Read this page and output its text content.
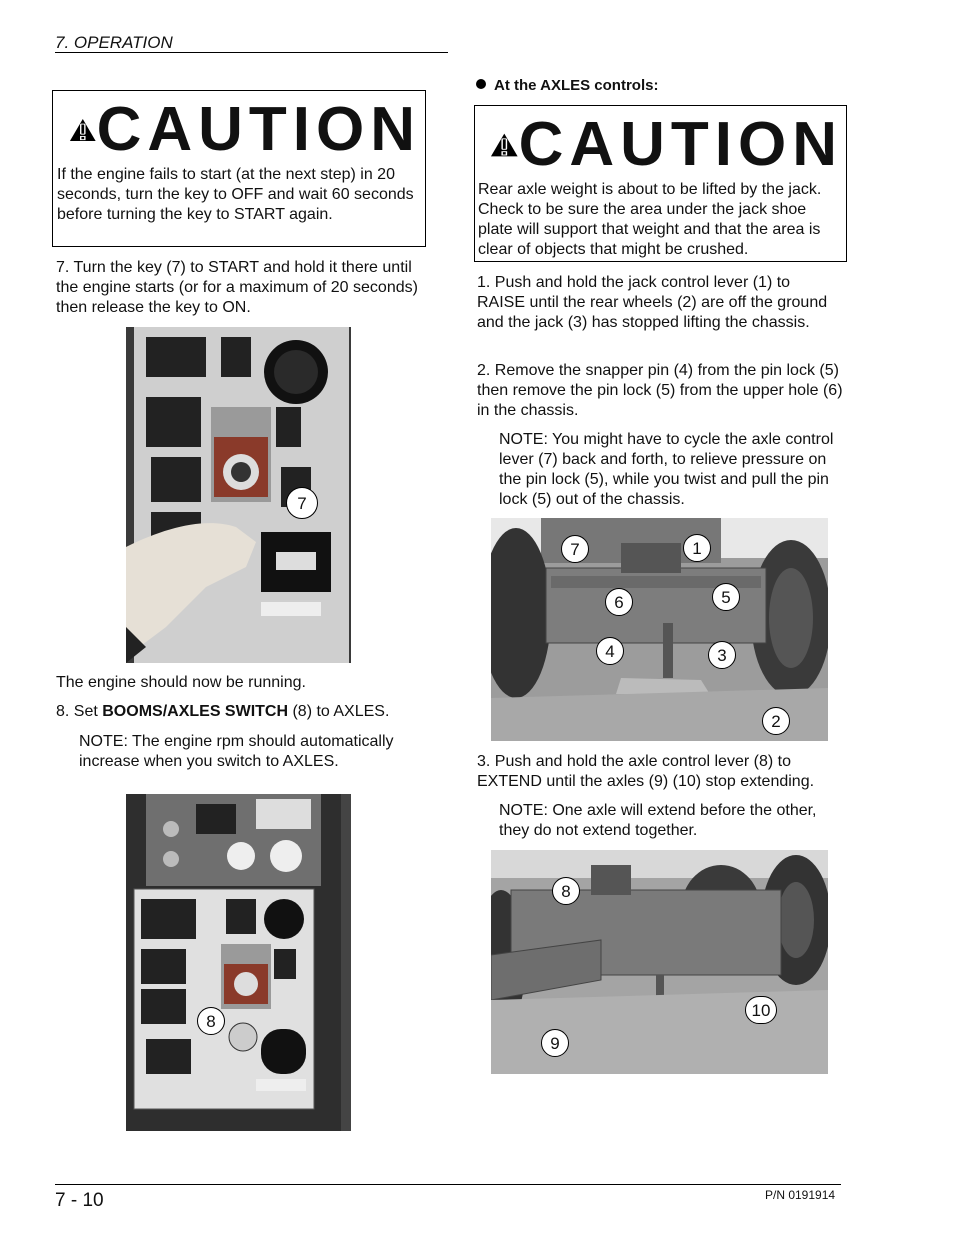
7. OPERATION
CAUTION
If the engine fails to start (at the next step) in 20 seconds, turn the key to OFF and wait 60 seconds before turning the key to START again.
7. Turn the key (7) to START and hold it there until the engine starts (or for a maximum of 20 seconds) then release the key to ON.
7
The engine should now be running.
8. Set BOOMS/AXLES SWITCH (8) to AXLES.
NOTE: The engine rpm should automatically increase when you switch to AXLES.
8
At the AXLES controls:
CAUTION
Rear axle weight is about to be lifted by the jack. Check to be sure the area under the jack shoe plate will support that weight and that the area is clear of objects that might be crushed.
1. Push and hold the jack control lever (1) to RAISE until the rear wheels (2) are off the ground and the jack (3) has stopped lifting the chassis.
2. Remove the snapper pin (4) from the pin lock (5) then remove the pin lock (5) from the upper hole (6) in the chassis.
NOTE: You might have to cycle the axle control lever (7) back and forth, to relieve pressure on the pin lock (5), while you twist and pull the pin lock (5) out of the chassis.
7	1
6	5
4	3
2
3. Push and hold the axle control lever (8) to EXTEND until the axles (9) (10) stop extending.
NOTE: One axle will extend before the other, they do not extend together.
8
10
9
7 - 10	P/N 0191914
